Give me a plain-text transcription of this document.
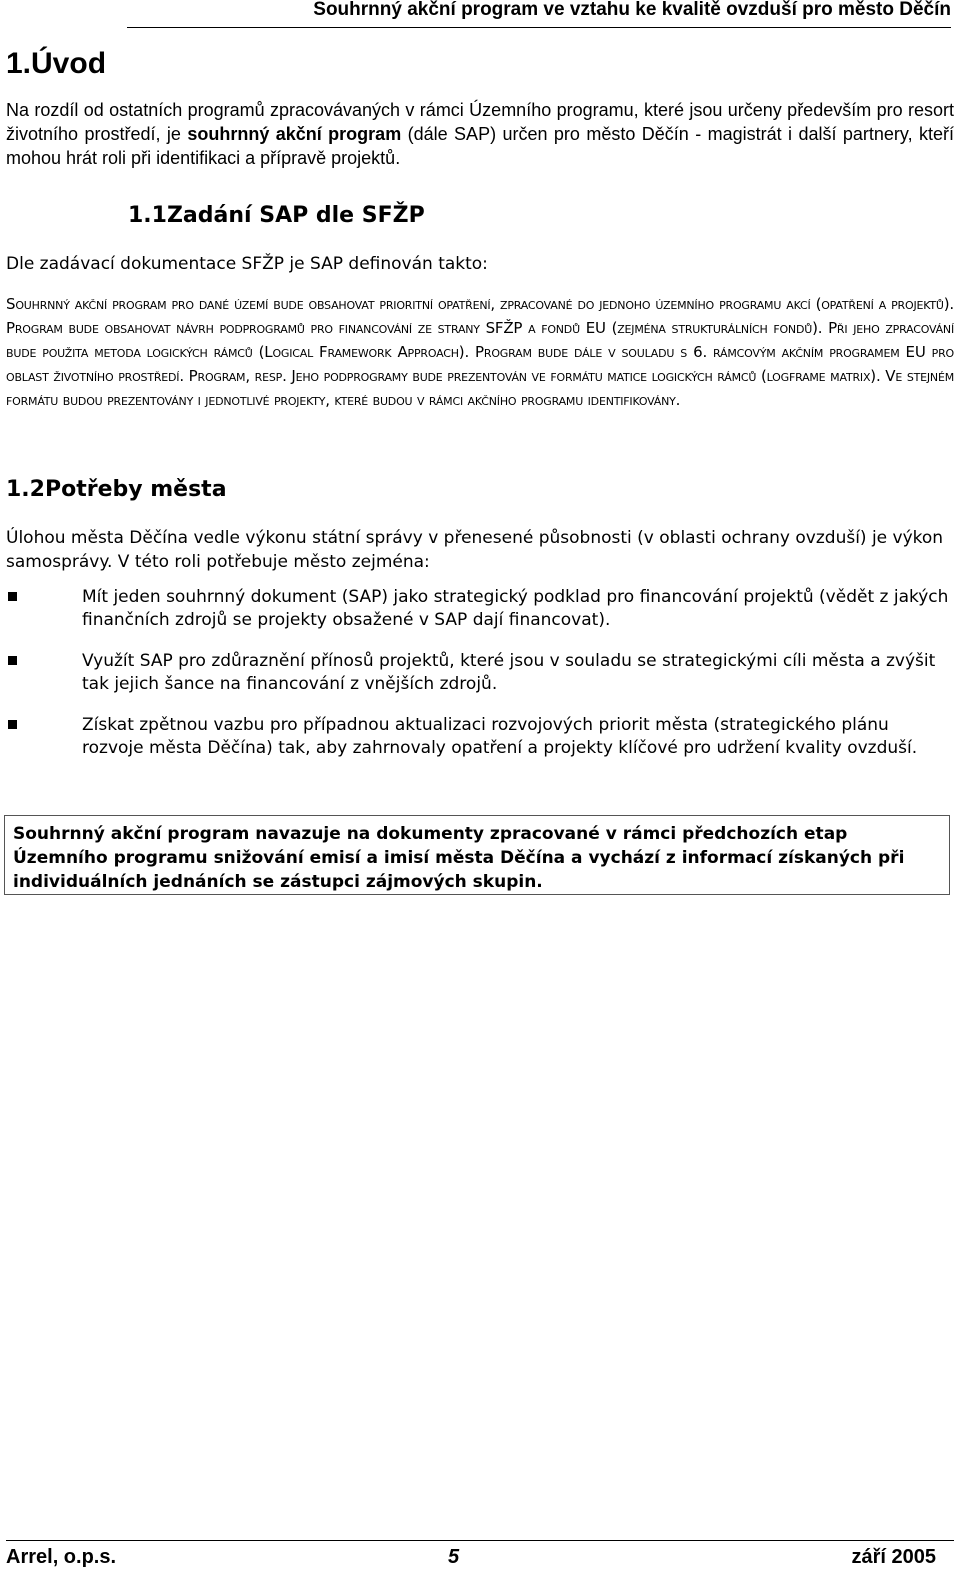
Souhrnný akční program ve vztahu ke kvalitě ovzduší pro město Děčín
1.Úvod

Na rozdíl od ostatních programů zpracovávaných v rámci Územního programu, které jsou určeny především pro resort životního prostředí, je souhrnný akční program (dále SAP) určen pro město Děčín - magistrát i další partnery, kteří mohou hrát roli při identifikaci a přípravě projektů.

1.1Zadání SAP dle SFŽP

Dle zadávací dokumentace SFŽP je SAP definován takto:

Souhrnný akční program pro dané území bude obsahovat prioritní opatření, zpracované do jednoho územního programu akcí (opatření a projektů). Program bude obsahovat návrh podprogramů pro financování ze strany SFŽP a fondů EU (zejména strukturálních fondů). Při jeho zpracování bude použita metoda logických rámců (Logical Framework Approach). Program bude dále v souladu s 6. rámcovým akčním programem EU pro oblast životního prostředí. Program, resp. Jeho podprogramy bude prezentován ve formátu matice logických rámců (logframe matrix). Ve stejném formátu budou prezentovány i jednotlivé projekty, které budou v rámci akčního programu identifikovány.

1.2Potřeby města

Úlohou města Děčína vedle výkonu státní správy v přenesené působnosti (v oblasti ochrany ovzduší) je výkon samosprávy. V této roli potřebuje město zejména:

Mít jeden souhrnný dokument (SAP) jako strategický podklad pro financování projektů (vědět z jakých finančních zdrojů se projekty obsažené v SAP dají financovat).
Využít SAP pro zdůraznění přínosů projektů, které jsou v souladu se strategickými cíli města a zvýšit tak jejich šance na financování z vnějších zdrojů.
Získat zpětnou vazbu pro případnou aktualizaci rozvojových priorit města (strategického plánu rozvoje města Děčína) tak, aby zahrnovaly opatření a projekty klíčové pro udržení kvality ovzduší.
Souhrnný akční program navazuje na dokumenty zpracované v rámci předchozích etap Územního programu snižování emisí a imisí města Děčína a vychází z informací získaných při individuálních jednáních se zástupci zájmových skupin.
Arrel, o.p.s.	5	září 2005
